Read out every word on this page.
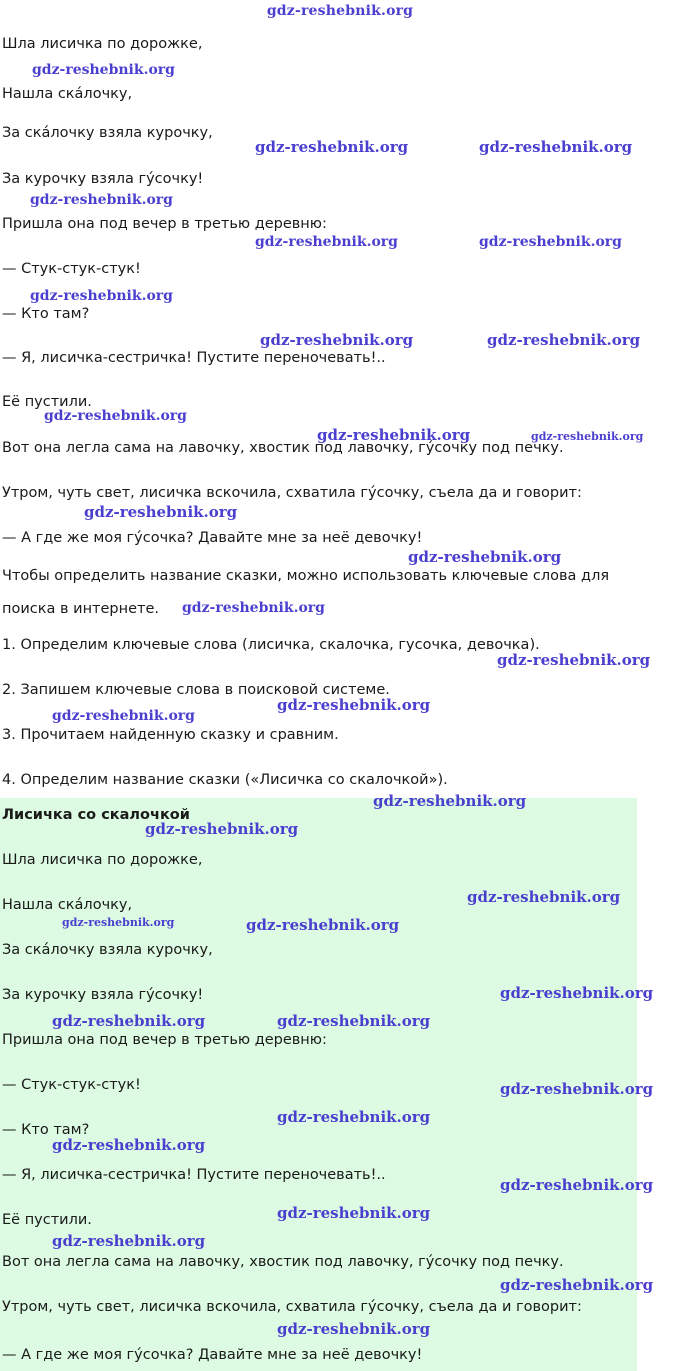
gdz-reshebnik.org
Шла лисичка по дорожке,
Нашла ска́лочку,
За ска́лочку взяла курочку,
За курочку взяла гу́сочку!
Пришла она под вечер в третью деревню:
— Стук-стук-стук!
— Кто там?
— Я, лисичка-сестричка! Пустите переночевать!..
Её пустили.
Вот она легла сама на лавочку, хвостик под лавочку, гу́сочку под печку.
Утром, чуть свет, лисичка вскочила, схватила гу́сочку, съела да и говорит:
— А где же моя гу́сочка? Давайте мне за неё девочку!
Чтобы определить название сказки, можно использовать ключевые слова для
поиска в интернете.
1. Определим ключевые слова (лисичка, скалочка, гусочка, девочка).
2. Запишем ключевые слова в поисковой системе.
3. Прочитаем найденную сказку и сравним.
4. Определим название сказки («Лисичка со скалочкой»).
Лисичка со скалочкой
Шла лисичка по дорожке,
Нашла ска́лочку,
За ска́лочку взяла курочку,
За курочку взяла гу́сочку!
Пришла она под вечер в третью деревню:
— Стук-стук-стук!
— Кто там?
— Я, лисичка-сестричка! Пустите переночевать!..
Её пустили.
Вот она легла сама на лавочку, хвостик под лавочку, гу́сочку под печку.
Утром, чуть свет, лисичка вскочила, схватила гу́сочку, съела да и говорит:
— А где же моя гу́сочка? Давайте мне за неё девочку!
gdz-reshebnik.org
gdz-reshebnik.org	gdz-reshebnik.org
gdz-reshebnik.org
gdz-reshebnik.org	gdz-reshebnik.org
gdz-reshebnik.org
gdz-reshebnik.org	gdz-reshebnik.org
gdz-reshebnik.org
gdz-reshebnik.org	gdz-reshebnik.org
gdz-reshebnik.org
gdz-reshebnik.org
gdz-reshebnik.org
gdz-reshebnik.org
gdz-reshebnik.org
gdz-reshebnik.org
gdz-reshebnik.org
gdz-reshebnik.org
gdz-reshebnik.org
gdz-reshebnik.org	gdz-reshebnik.org
gdz-reshebnik.org
gdz-reshebnik.org	gdz-reshebnik.org
gdz-reshebnik.org
gdz-reshebnik.org
gdz-reshebnik.org
gdz-reshebnik.org
gdz-reshebnik.org
gdz-reshebnik.org
gdz-reshebnik.org
gdz-reshebnik.org
